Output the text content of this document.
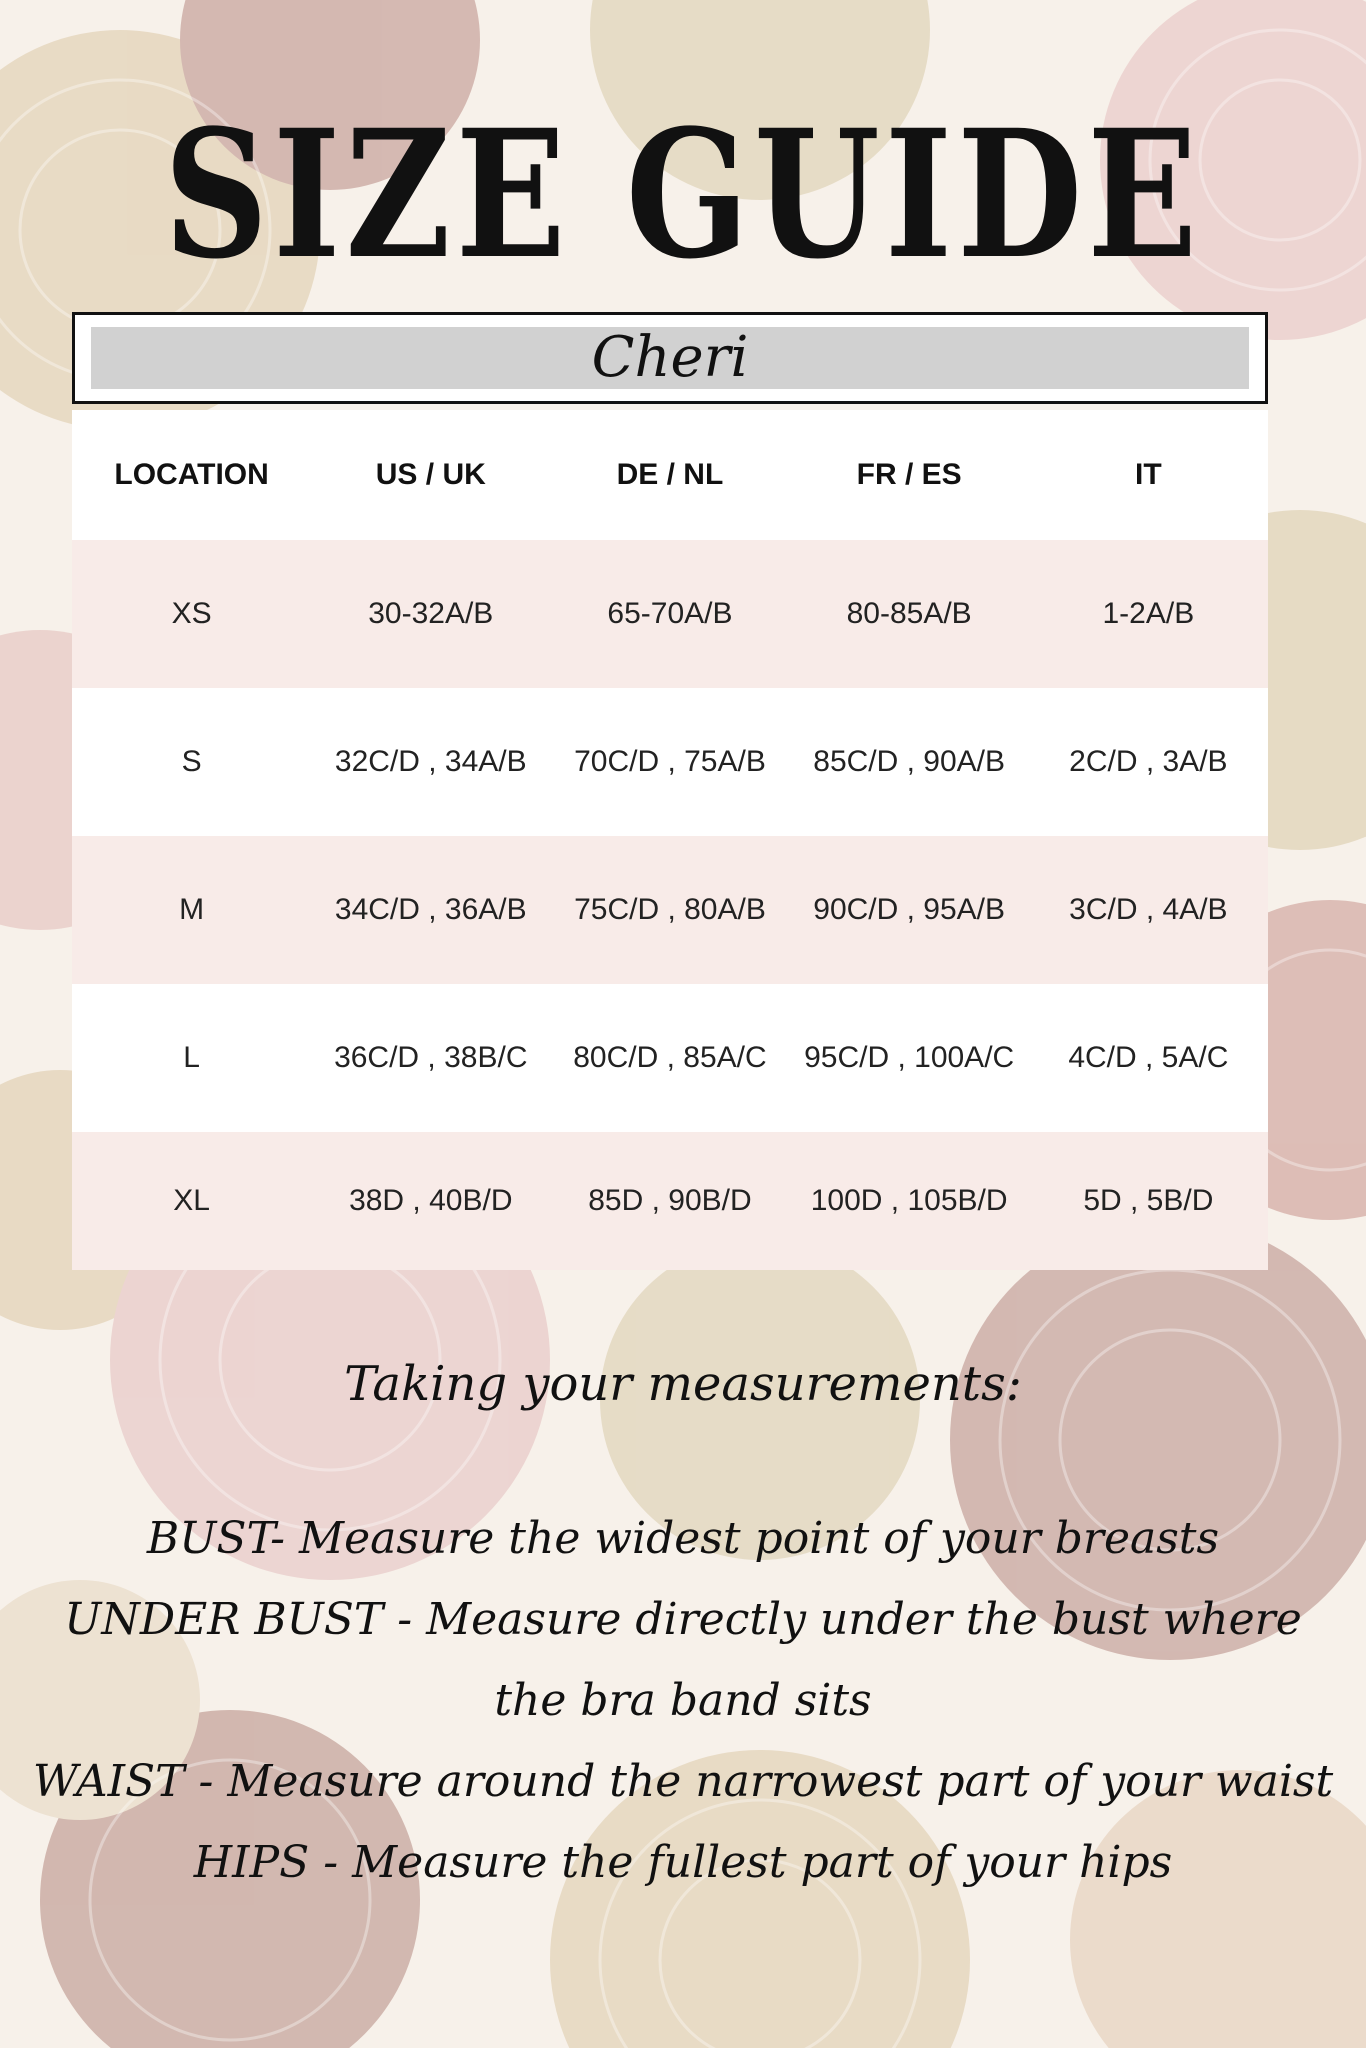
SIZE GUIDE
Cheri
LOCATION	US / UK	DE / NL	FR / ES	IT
XS	30-32A/B	65-70A/B	80-85A/B	1-2A/B
S	32C/D , 34A/B	70C/D , 75A/B	85C/D , 90A/B	2C/D , 3A/B
M	34C/D , 36A/B	75C/D , 80A/B	90C/D , 95A/B	3C/D , 4A/B
L	36C/D , 38B/C	80C/D , 85A/C	95C/D , 100A/C	4C/D , 5A/C
XL	38D , 40B/D	85D , 90B/D	100D , 105B/D	5D , 5B/D

Taking your measurements:

BUST- Measure the widest point of your breasts

UNDER BUST - Measure directly under the bust where

the bra band sits

WAIST - Measure around the narrowest part of your waist

HIPS - Measure the fullest part of your hips
